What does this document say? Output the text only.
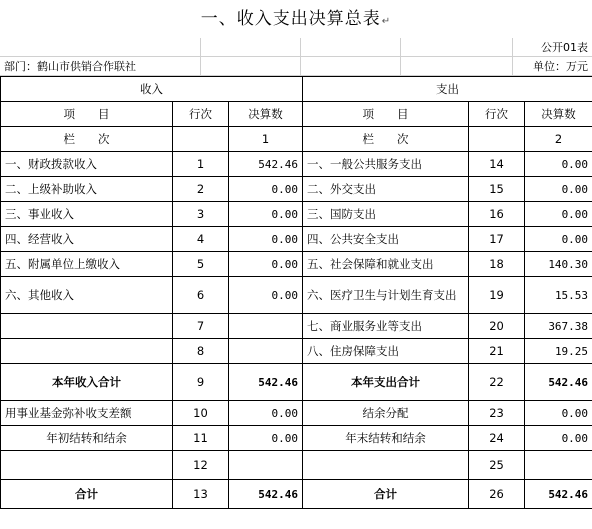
一、收入支出决算总表↵
				公开01表
部门：鹤山市供销合作联社				单位：万元
收入			支出		
项　　目	行次	决算数	项　　目	行次	决算数
栏　　次		1	栏　　次		2
一、财政拨款收入	1	542.46	一、一般公共服务支出	14	0.00
二、上级补助收入	2	0.00	二、外交支出	15	0.00
三、事业收入	3	0.00	三、国防支出	16	0.00
四、经营收入	4	0.00	四、公共安全支出	17	0.00
五、附属单位上缴收入	5	0.00	五、社会保障和就业支出	18	140.30
六、其他收入	6	0.00	六、医疗卫生与计划生育支出	19	15.53
	7		七、商业服务业等支出	20	367.38
	8		八、住房保障支出	21	19.25
本年收入合计	9	542.46	本年支出合计	22	542.46
用事业基金弥补收支差额	10	0.00	结余分配	23	0.00
年初结转和结余	11	0.00	年末结转和结余	24	0.00
	12			25	
合计	13	542.46	合计	26	542.46
